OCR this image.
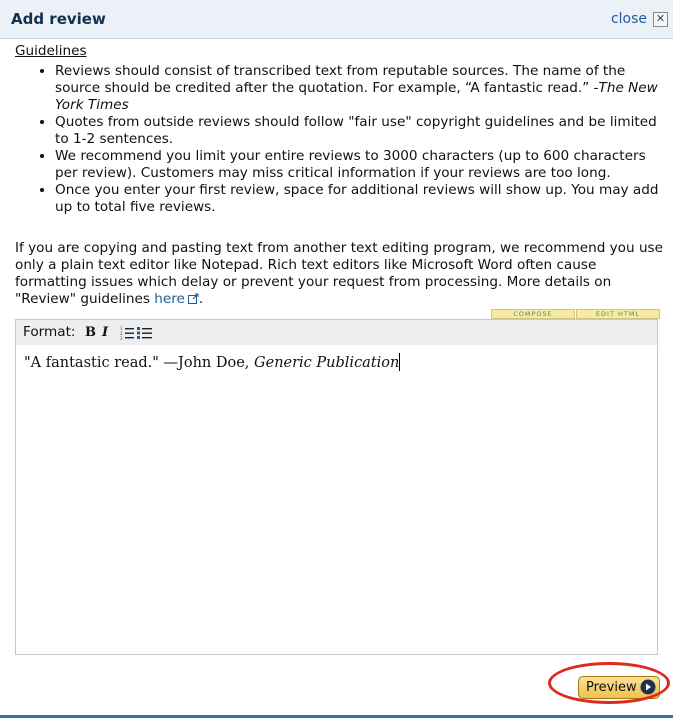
Add review	close ✕
Guidelines
• Reviews should consist of transcribed text from reputable sources. The name of the source should be credited after the quotation. For example, “A fantastic read.” -The New York Times
• Quotes from outside reviews should follow "fair use" copyright guidelines and be limited to 1-2 sentences.
• We recommend you limit your entire reviews to 3000 characters (up to 600 characters per review). Customers may miss critical information if your reviews are too long.
• Once you enter your first review, space for additional reviews will show up. You may add up to total five reviews.

If you are copying and pasting text from another text editing program, we recommend you use only a plain text editor like Notepad. Rich text editors like Microsoft Word often cause formatting issues which delay or prevent your request from processing. More details on "Review" guidelines here .

COMPOSE	EDIT HTML
Format: B I	1
2
3
"A fantastic read." —John Doe, Generic Publication
Preview
